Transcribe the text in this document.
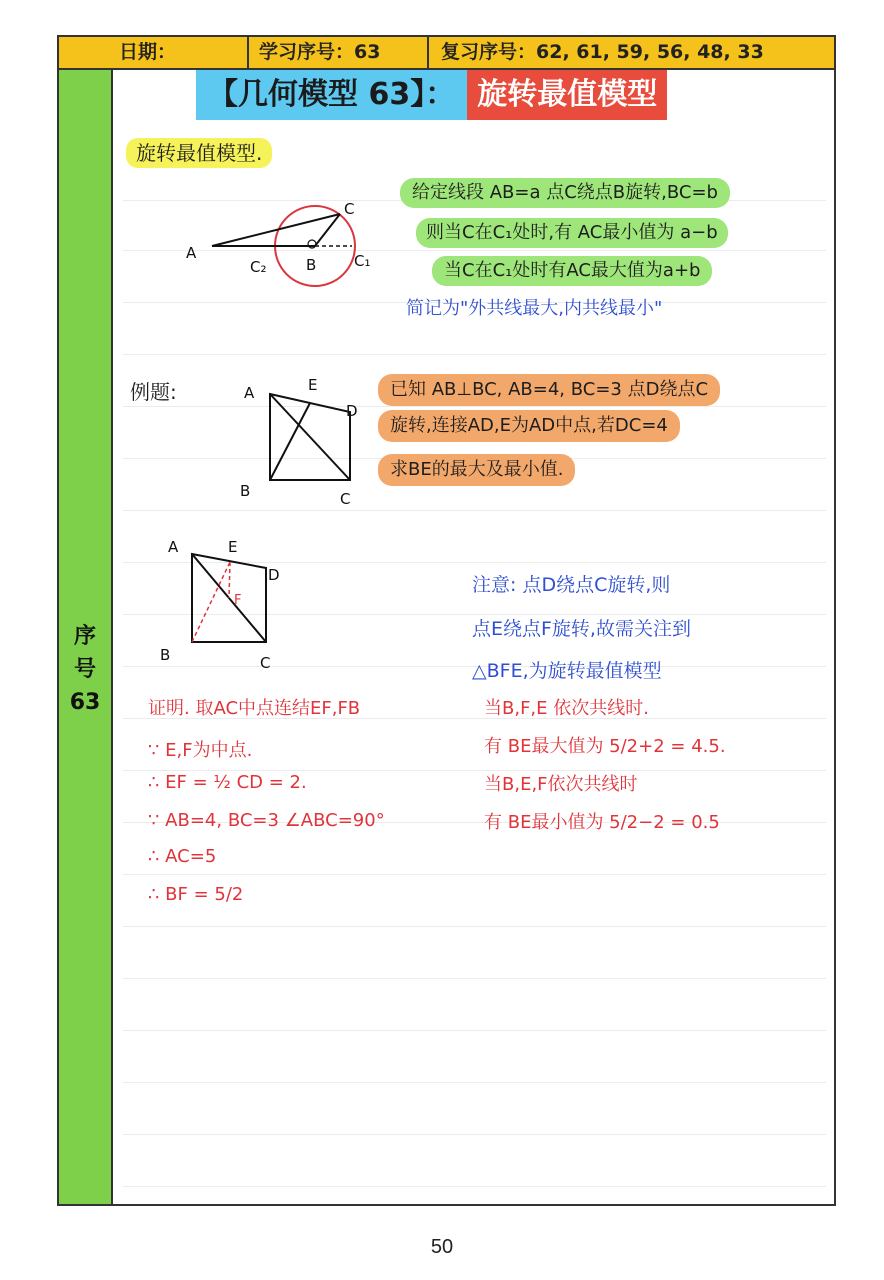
日期：	学习序号：63	复习序号：62, 61, 59, 56, 48, 33
序
号
63
【几何模型 63】： 旋转最值模型
旋转最值模型.
A
B
C
C₁
C₂
给定线段 AB=a 点C绕点B旋转,BC=b
则当C在C₁处时,有 AC最小值为 a−b
当C在C₁处时有AC最大值为a+b
简记为"外共线最大,内共线最小"
例题:	A	E
D
B	C
已知 AB⊥BC, AB=4, BC=3 点D绕点C
旋转,连接AD,E为AD中点,若DC=4
求BE的最大及最小值.
A	E
D
B	C
F
注意: 点D绕点C旋转,则
点E绕点F旋转,故需关注到
△BFE,为旋转最值模型
证明. 取AC中点连结EF,FB
∵ E,F为中点.
∴ EF = ½ CD = 2.
∵ AB=4, BC=3 ∠ABC=90°
∴ AC=5
∴ BF = 5/2
当B,F,E 依次共线时.
有 BE最大值为 5/2+2 = 4.5.
当B,E,F依次共线时
有 BE最小值为 5/2−2 = 0.5
50
